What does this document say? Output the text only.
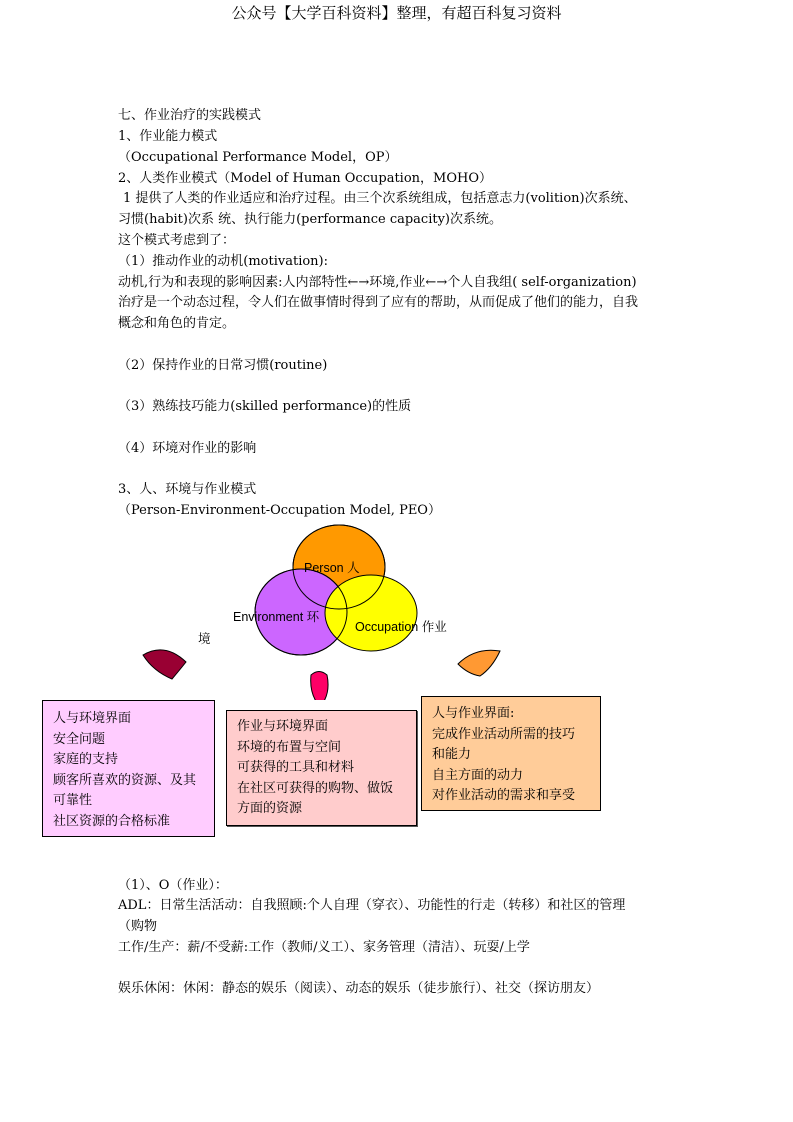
公众号【大学百科资料】整理，有超百科复习资料
七、作业治疗的实践模式
1、作业能力模式
（Occupational Performance Model，OP）
2、人类作业模式（Model of Human Occupation，MOHO）
1 提供了人类的作业适应和治疗过程。由三个次系统组成，包括意志力(volition)次系统、
习惯(habit)次系 统、执行能力(performance capacity)次系统。
这个模式考虑到了：
（1）推动作业的动机(motivation):
动机,行为和表现的影响因素:人内部特性←→环境,作业←→个人自我组( self-organization)
治疗是一个动态过程，令人们在做事情时得到了应有的帮助，从而促成了他们的能力，自我
概念和角色的肯定。
（2）保持作业的日常习惯(routine)
（3）熟练技巧能力(skilled performance)的性质
（4）环境对作业的影响
3、人、环境与作业模式
（Person-Environment-Occupation Model, PEO）
Person 人
Environment 环
境
Occupation 作业
人与环境界面
安全问题
家庭的支持
顾客所喜欢的资源、及其
可靠性
社区资源的合格标准
作业与环境界面
环境的布置与空间
可获得的工具和材料
在社区可获得的购物、做饭
方面的资源
人与作业界面:
完成作业活动所需的技巧
和能力
自主方面的动力
对作业活动的需求和享受
（1）、O（作业）：
ADL：日常生活活动：自我照顾:个人自理（穿衣）、功能性的行走（转移）和社区的管理
（购物
工作/生产：薪/不受薪:工作（教师/义工）、家务管理（清洁）、玩耍/上学
娱乐休闲：休闲：静态的娱乐（阅读）、动态的娱乐（徒步旅行）、社交（探访朋友）
